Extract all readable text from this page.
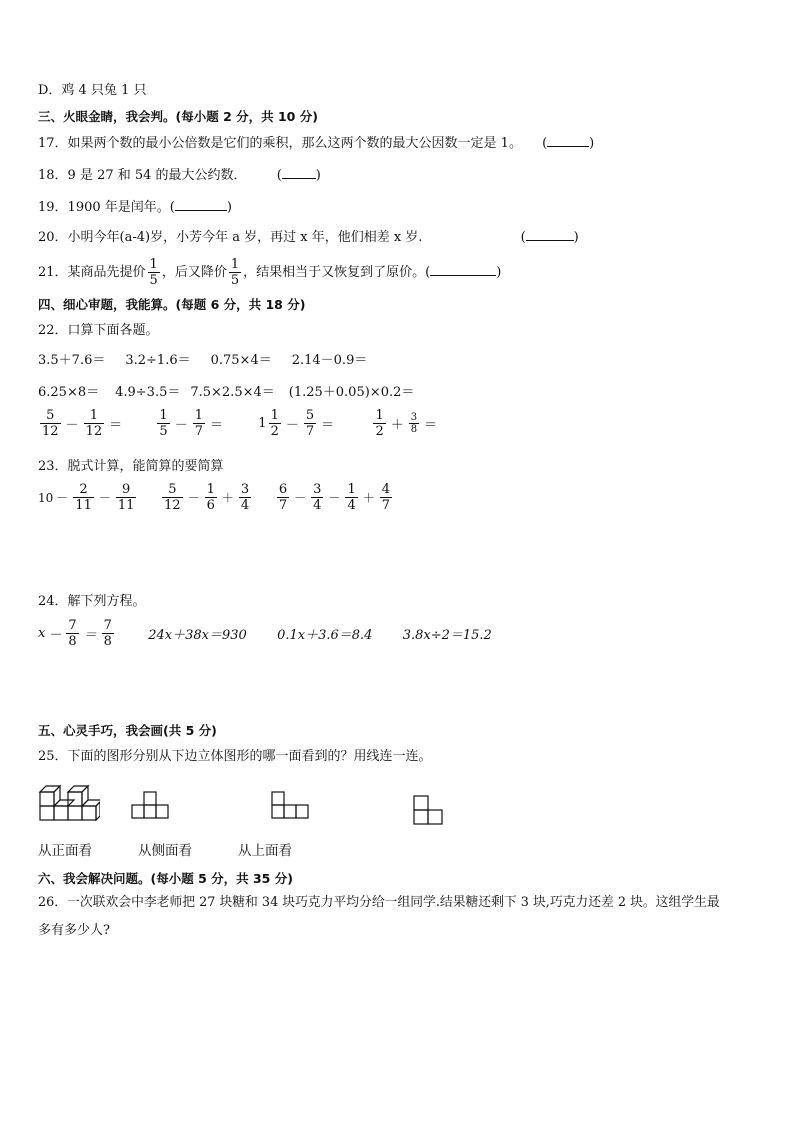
D．鸡 4 只兔 1 只
三、火眼金睛，我会判。(每小题 2 分，共 10 分)
17．如果两个数的最小公倍数是它们的乘积，那么这两个数的最大公因数一定是 1。 (	)
18．9 是 27 和 54 的最大公约数． (	)
19．1900 年是闰年。(	)
20．小明今年(a-4)岁，小芳今年 a 岁，再过 x 年，他们相差 x 岁.	(	)
21．某商品先提价 $\frac{1}{5}$ ，后又降价 $\frac{1}{5}$ ，结果相当于又恢复到了原价。(	)
四、细心审题，我能算。(每题 6 分，共 18 分)
22．口算下面各题。
3.5＋7.6＝ 3.2÷1.6＝ 0.75×4＝ 2.14－0.9＝
6.25×8＝ 4.9÷3.5＝ 7.5×2.5×4＝ (1.25＋0.05)×0.2＝
$\frac{5}{12} - \frac{1}{12}$ ＝	$\frac{1}{5} - \frac{1}{7}$ ＝	$1 \frac{1}{2} - \frac{5}{7}$ ＝	$\frac{1}{2} + \frac{3}{8}$ ＝
23．脱式计算，能简算的要简算
$10 - \frac{2}{11} - \frac{9}{11}$
$\frac{5}{12} - \frac{1}{6} + \frac{3}{4}$
$\frac{6}{7} - \frac{3}{4} - \frac{1}{4} + \frac{4}{7}$
24．解下列方程。
$x - \frac{7}{8} = \frac{7}{8}$	24x＋38x＝930 0.1x＋3.6＝8.4 3.8x÷2＝15.2
五、心灵手巧，我会画(共 5 分)
25．下面的图形分别从下边立体图形的哪一面看到的？用线连一连。
从正面看	从侧面看	从上面看
六、我会解决问题。(每小题 5 分，共 35 分)
26．一次联欢会中李老师把 27 块糖和 34 块巧克力平均分给一组同学.结果糖还剩下 3 块,巧克力还差 2 块。这组学生最
多有多少人?
